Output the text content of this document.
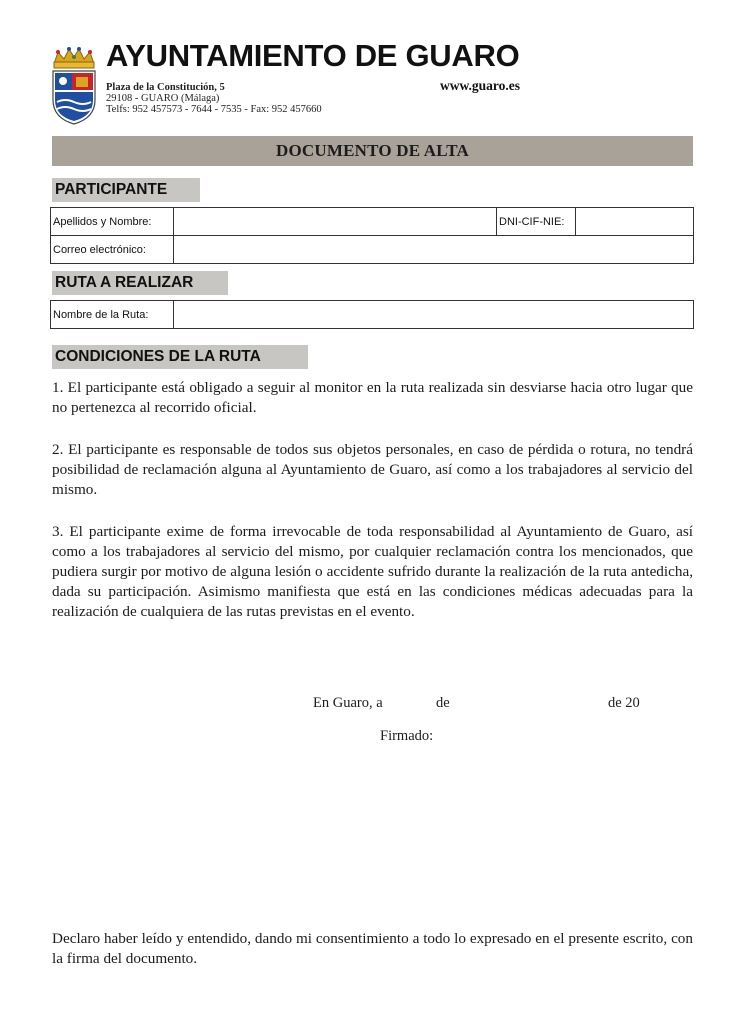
AYUNTAMIENTO DE GUARO
Plaza de la Constitución, 5
29108 - GUARO (Málaga)
Telfs: 952 457573 - 7644 - 7535 - Fax: 952 457660
www.guaro.es
DOCUMENTO DE ALTA
PARTICIPANTE
Apellidos y Nombre:		DNI-CIF-NIE:	
Correo electrónico:			
RUTA A REALIZAR
Nombre de la Ruta:	
CONDICIONES DE LA RUTA

1. El participante está obligado a seguir al monitor en la ruta realizada sin desviarse hacia otro lugar que no pertenezca al recorrido oficial.

2. El participante es responsable de todos sus objetos personales, en caso de pérdida o rotura, no tendrá posibilidad de reclamación alguna al Ayuntamiento de Guaro, así como a los trabajadores al servicio del mismo.

3. El participante exime de forma irrevocable de toda responsabilidad al Ayuntamiento de Guaro, así como a los trabajadores al servicio del mismo, por cualquier reclamación contra los mencionados, que pudiera surgir por motivo de alguna lesión o accidente sufrido durante la realización de la ruta antedicha, dada su participación. Asimismo manifiesta que está en las condiciones médicas adecuadas para la realización de cualquiera de las rutas previstas en el evento.

En Guaro, a	de	de 20
Firmado:

Declaro haber leído y entendido, dando mi consentimiento a todo lo expresado en el presente escrito, con la firma del documento.
